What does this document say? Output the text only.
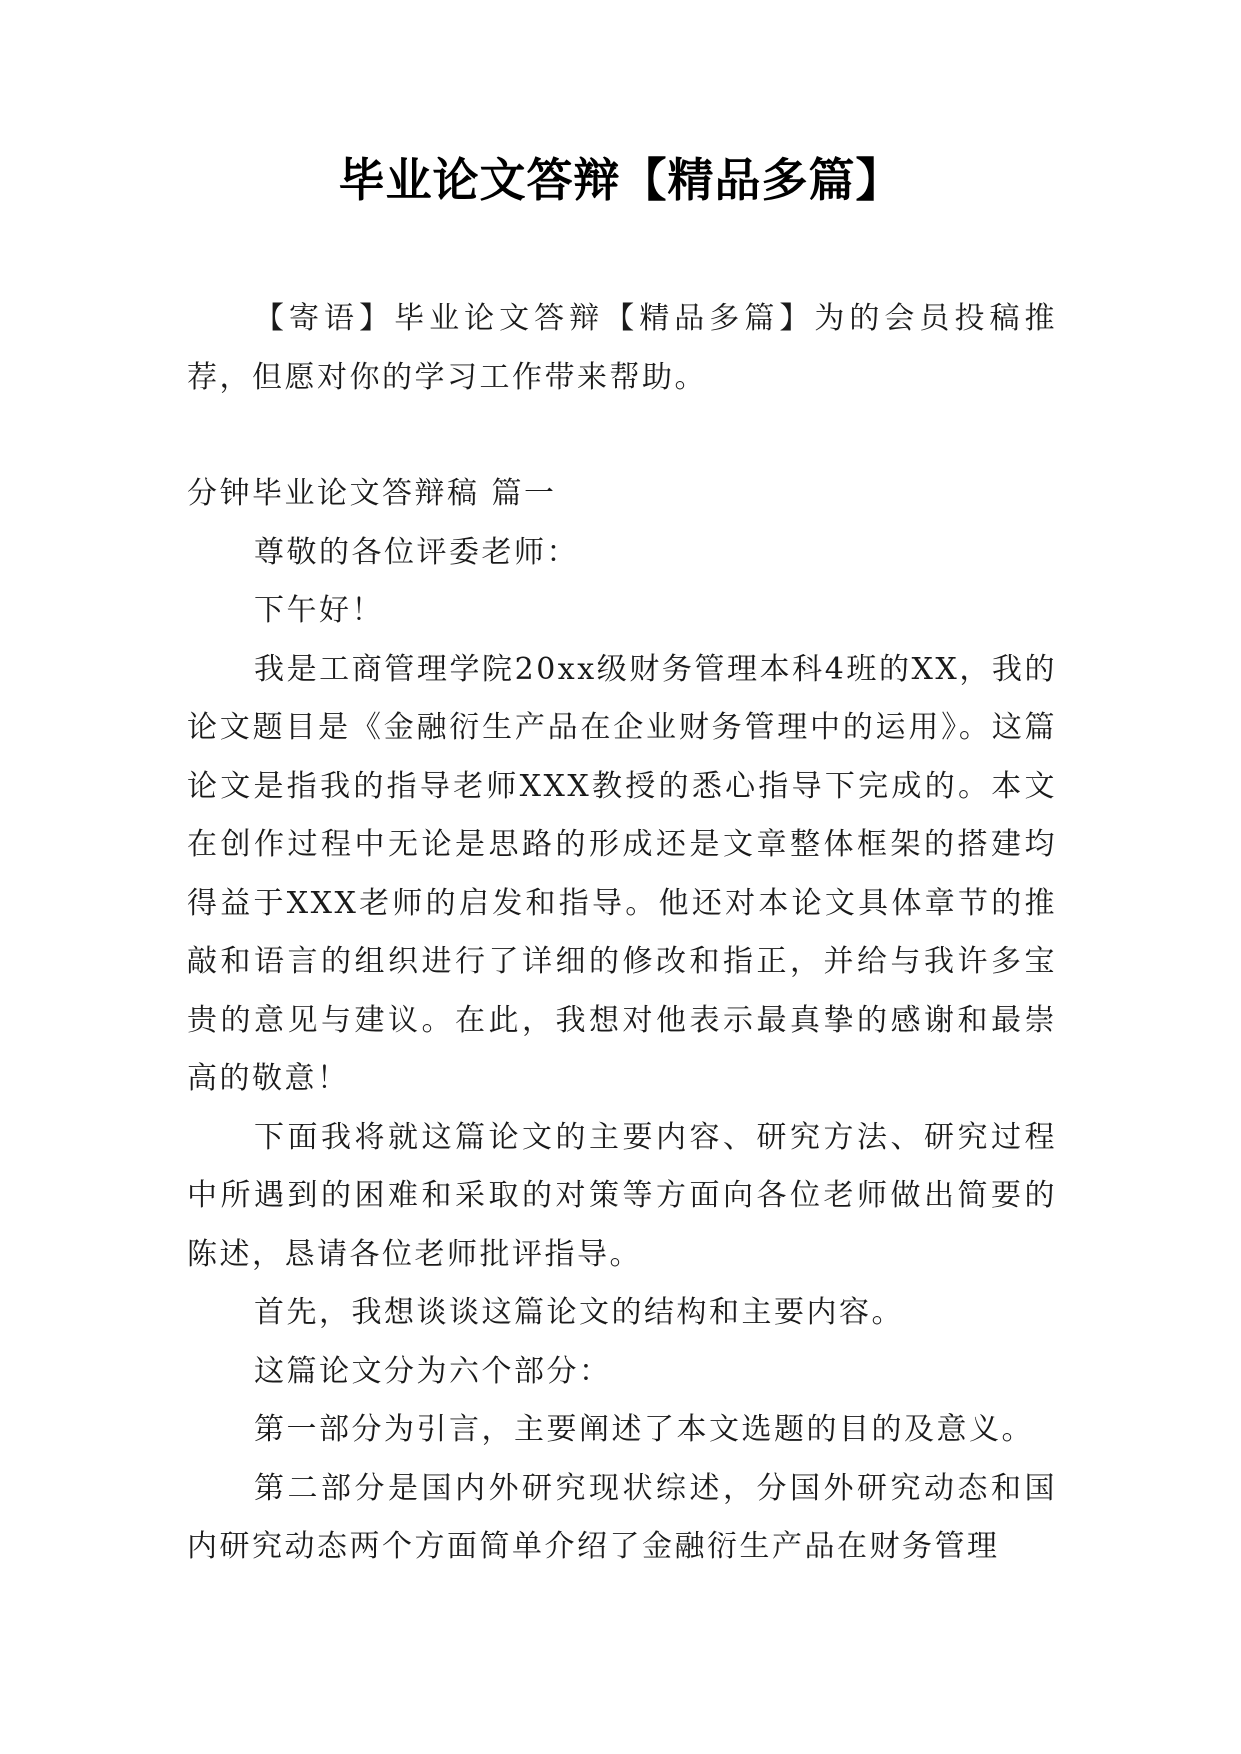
毕业论文答辩【精品多篇】

【寄语】毕业论文答辩【精品多篇】为的会员投稿推荐，但愿对你的学习工作带来帮助。

分钟毕业论文答辩稿 篇一

尊敬的各位评委老师：

下午好！

我是工商管理学院20xx级财务管理本科4班的XX，我的论文题目是《金融衍生产品在企业财务管理中的运用》。这篇论文是指我的指导老师XXX教授的悉心指导下完成的。本文在创作过程中无论是思路的形成还是文章整体框架的搭建均得益于XXX老师的启发和指导。他还对本论文具体章节的推敲和语言的组织进行了详细的修改和指正，并给与我许多宝贵的意见与建议。在此，我想对他表示最真挚的感谢和最崇高的敬意！

下面我将就这篇论文的主要内容、研究方法、研究过程中所遇到的困难和采取的对策等方面向各位老师做出简要的陈述，恳请各位老师批评指导。

首先，我想谈谈这篇论文的结构和主要内容。

这篇论文分为六个部分：

第一部分为引言，主要阐述了本文选题的目的及意义。

第二部分是国内外研究现状综述，分国外研究动态和国内研究动态两个方面简单介绍了金融衍生产品在财务管理
